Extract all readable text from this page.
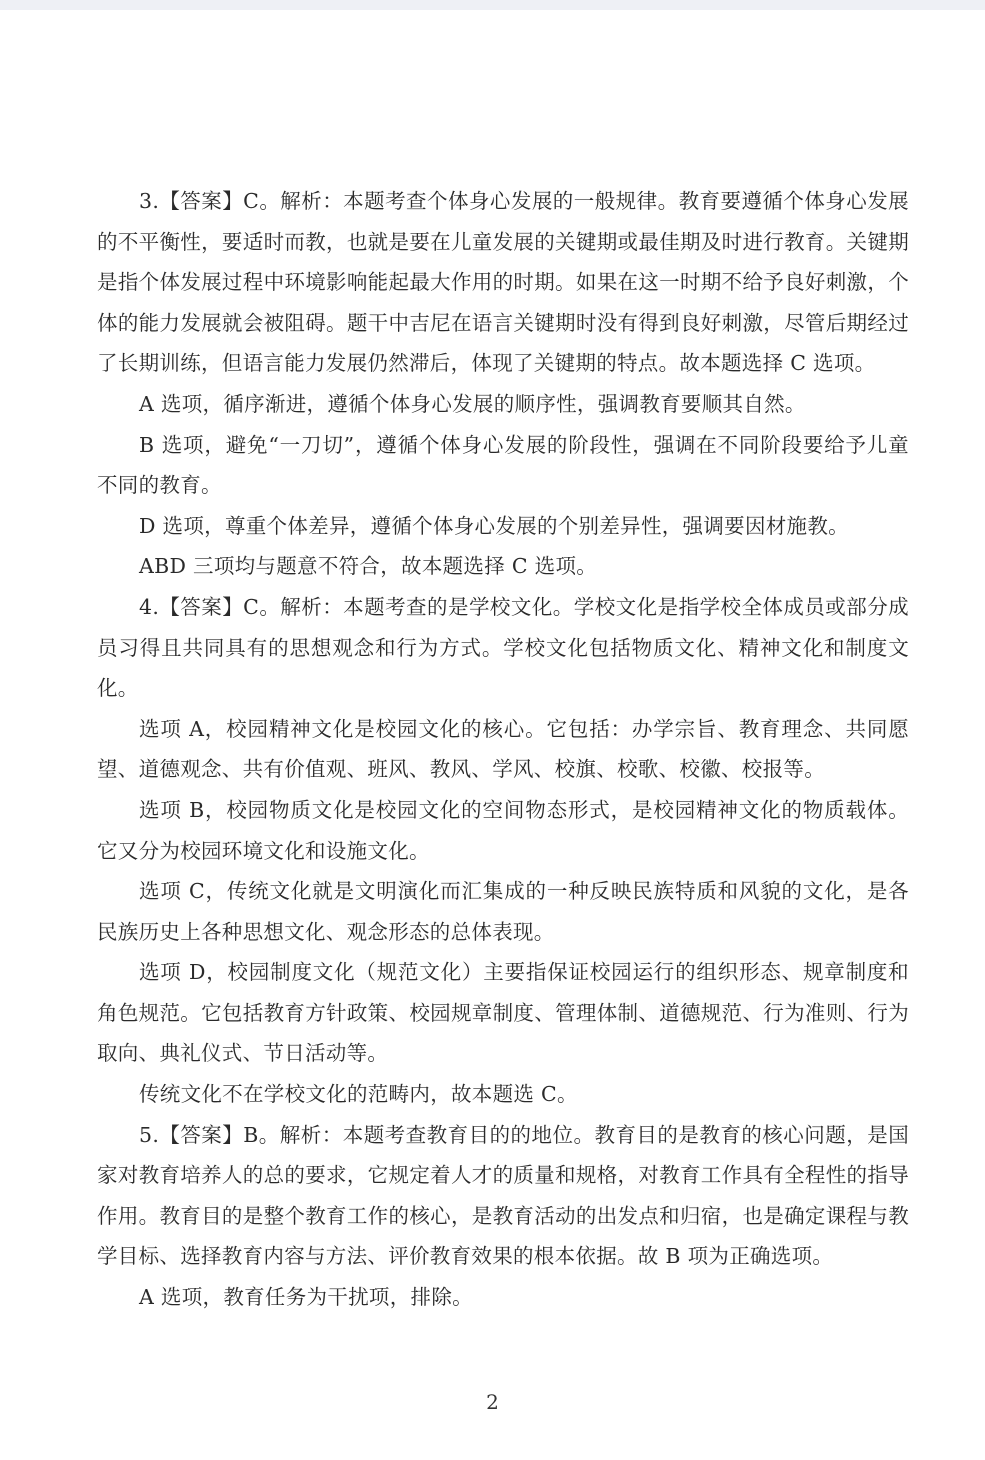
3.【答案】C。解析：本题考查个体身心发展的一般规律。教育要遵循个体身心发展的不平衡性，要适时而教，也就是要在儿童发展的关键期或最佳期及时进行教育。关键期是指个体发展过程中环境影响能起最大作用的时期。如果在这一时期不给予良好刺激，个体的能力发展就会被阻碍。题干中吉尼在语言关键期时没有得到良好刺激，尽管后期经过了长期训练，但语言能力发展仍然滞后，体现了关键期的特点。故本题选择 C 选项。

A 选项，循序渐进，遵循个体身心发展的顺序性，强调教育要顺其自然。

B 选项，避免“一刀切”，遵循个体身心发展的阶段性，强调在不同阶段要给予儿童不同的教育。

D 选项，尊重个体差异，遵循个体身心发展的个别差异性，强调要因材施教。

ABD 三项均与题意不符合，故本题选择 C 选项。

4.【答案】C。解析：本题考查的是学校文化。学校文化是指学校全体成员或部分成员习得且共同具有的思想观念和行为方式。学校文化包括物质文化、精神文化和制度文化。

选项 A，校园精神文化是校园文化的核心。它包括：办学宗旨、教育理念、共同愿望、道德观念、共有价值观、班风、教风、学风、校旗、校歌、校徽、校报等。

选项 B，校园物质文化是校园文化的空间物态形式，是校园精神文化的物质载体。它又分为校园环境文化和设施文化。

选项 C，传统文化就是文明演化而汇集成的一种反映民族特质和风貌的文化，是各民族历史上各种思想文化、观念形态的总体表现。

选项 D，校园制度文化（规范文化）主要指保证校园运行的组织形态、规章制度和角色规范。它包括教育方针政策、校园规章制度、管理体制、道德规范、行为准则、行为取向、典礼仪式、节日活动等。

传统文化不在学校文化的范畴内，故本题选 C。

5.【答案】B。解析：本题考查教育目的的地位。教育目的是教育的核心问题，是国家对教育培养人的总的要求，它规定着人才的质量和规格，对教育工作具有全程性的指导作用。教育目的是整个教育工作的核心，是教育活动的出发点和归宿，也是确定课程与教学目标、选择教育内容与方法、评价教育效果的根本依据。故 B 项为正确选项。

A 选项，教育任务为干扰项，排除。

2
